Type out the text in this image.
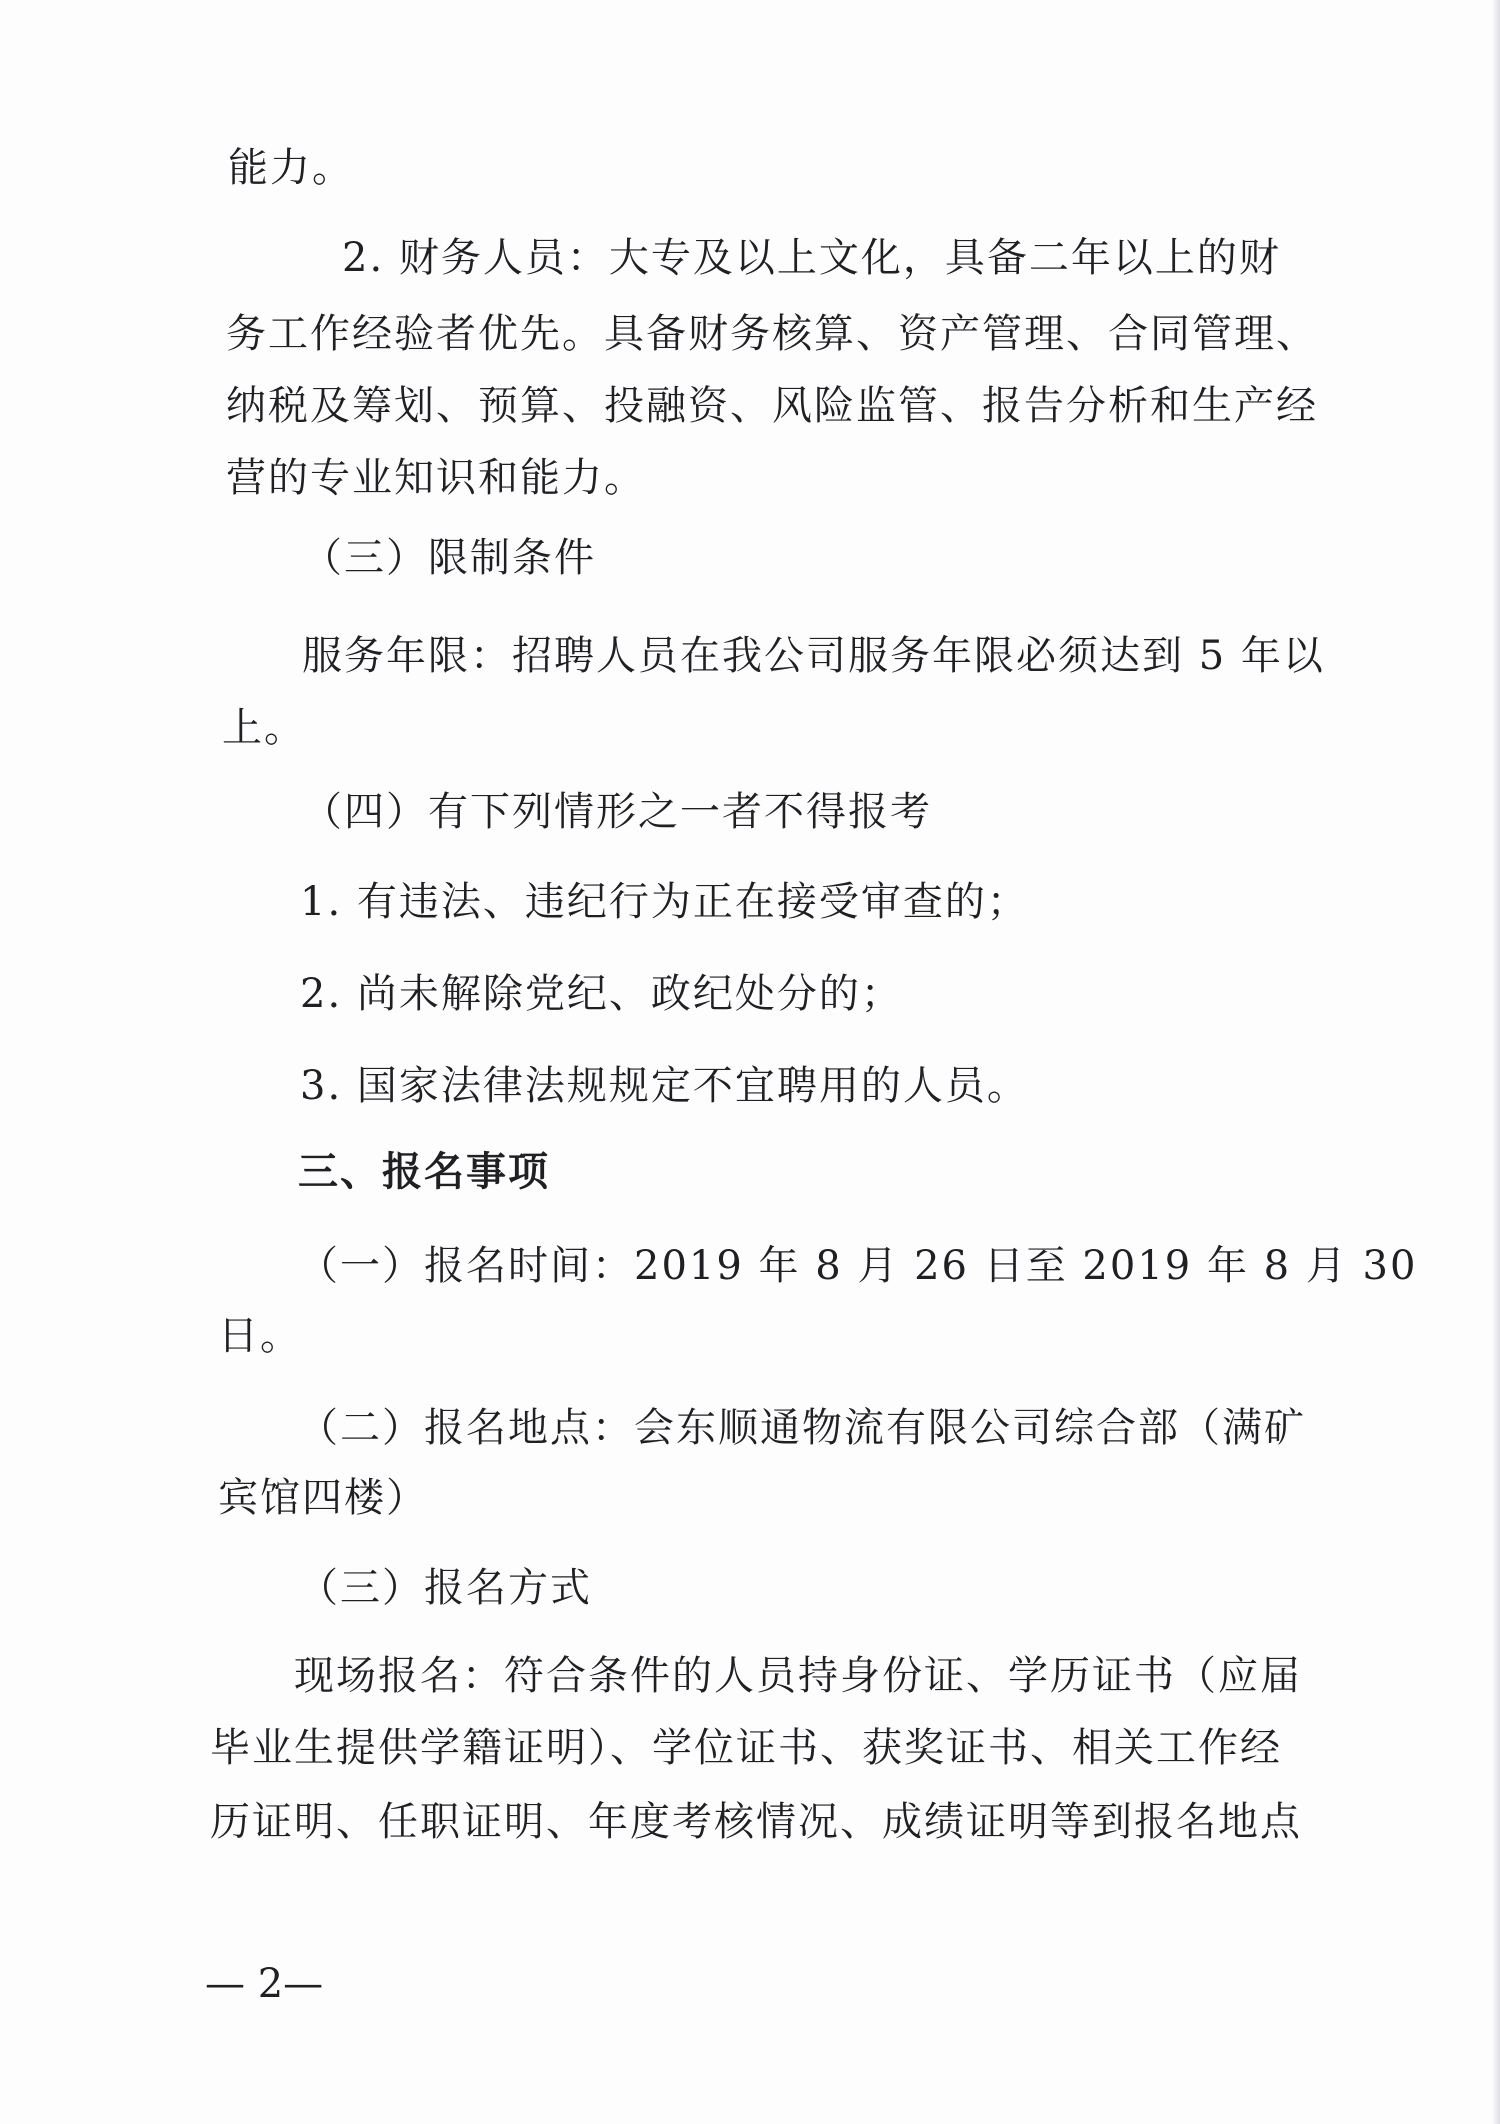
能力。
2. 财务人员：大专及以上文化，具备二年以上的财
务工作经验者优先。具备财务核算、资产管理、合同管理、
纳税及筹划、预算、投融资、风险监管、报告分析和生产经
营的专业知识和能力。
（三）限制条件
服务年限：招聘人员在我公司服务年限必须达到 5 年以
上。
（四）有下列情形之一者不得报考
1. 有违法、违纪行为正在接受审查的；
2. 尚未解除党纪、政纪处分的；
3. 国家法律法规规定不宜聘用的人员。
三、报名事项
（一）报名时间：2019 年 8 月 26 日至 2019 年 8 月 30
日。
（二）报名地点：会东顺通物流有限公司综合部（满矿
宾馆四楼）
（三）报名方式
现场报名：符合条件的人员持身份证、学历证书（应届
毕业生提供学籍证明）、学位证书、获奖证书、相关工作经
历证明、任职证明、年度考核情况、成绩证明等到报名地点
— 2—
